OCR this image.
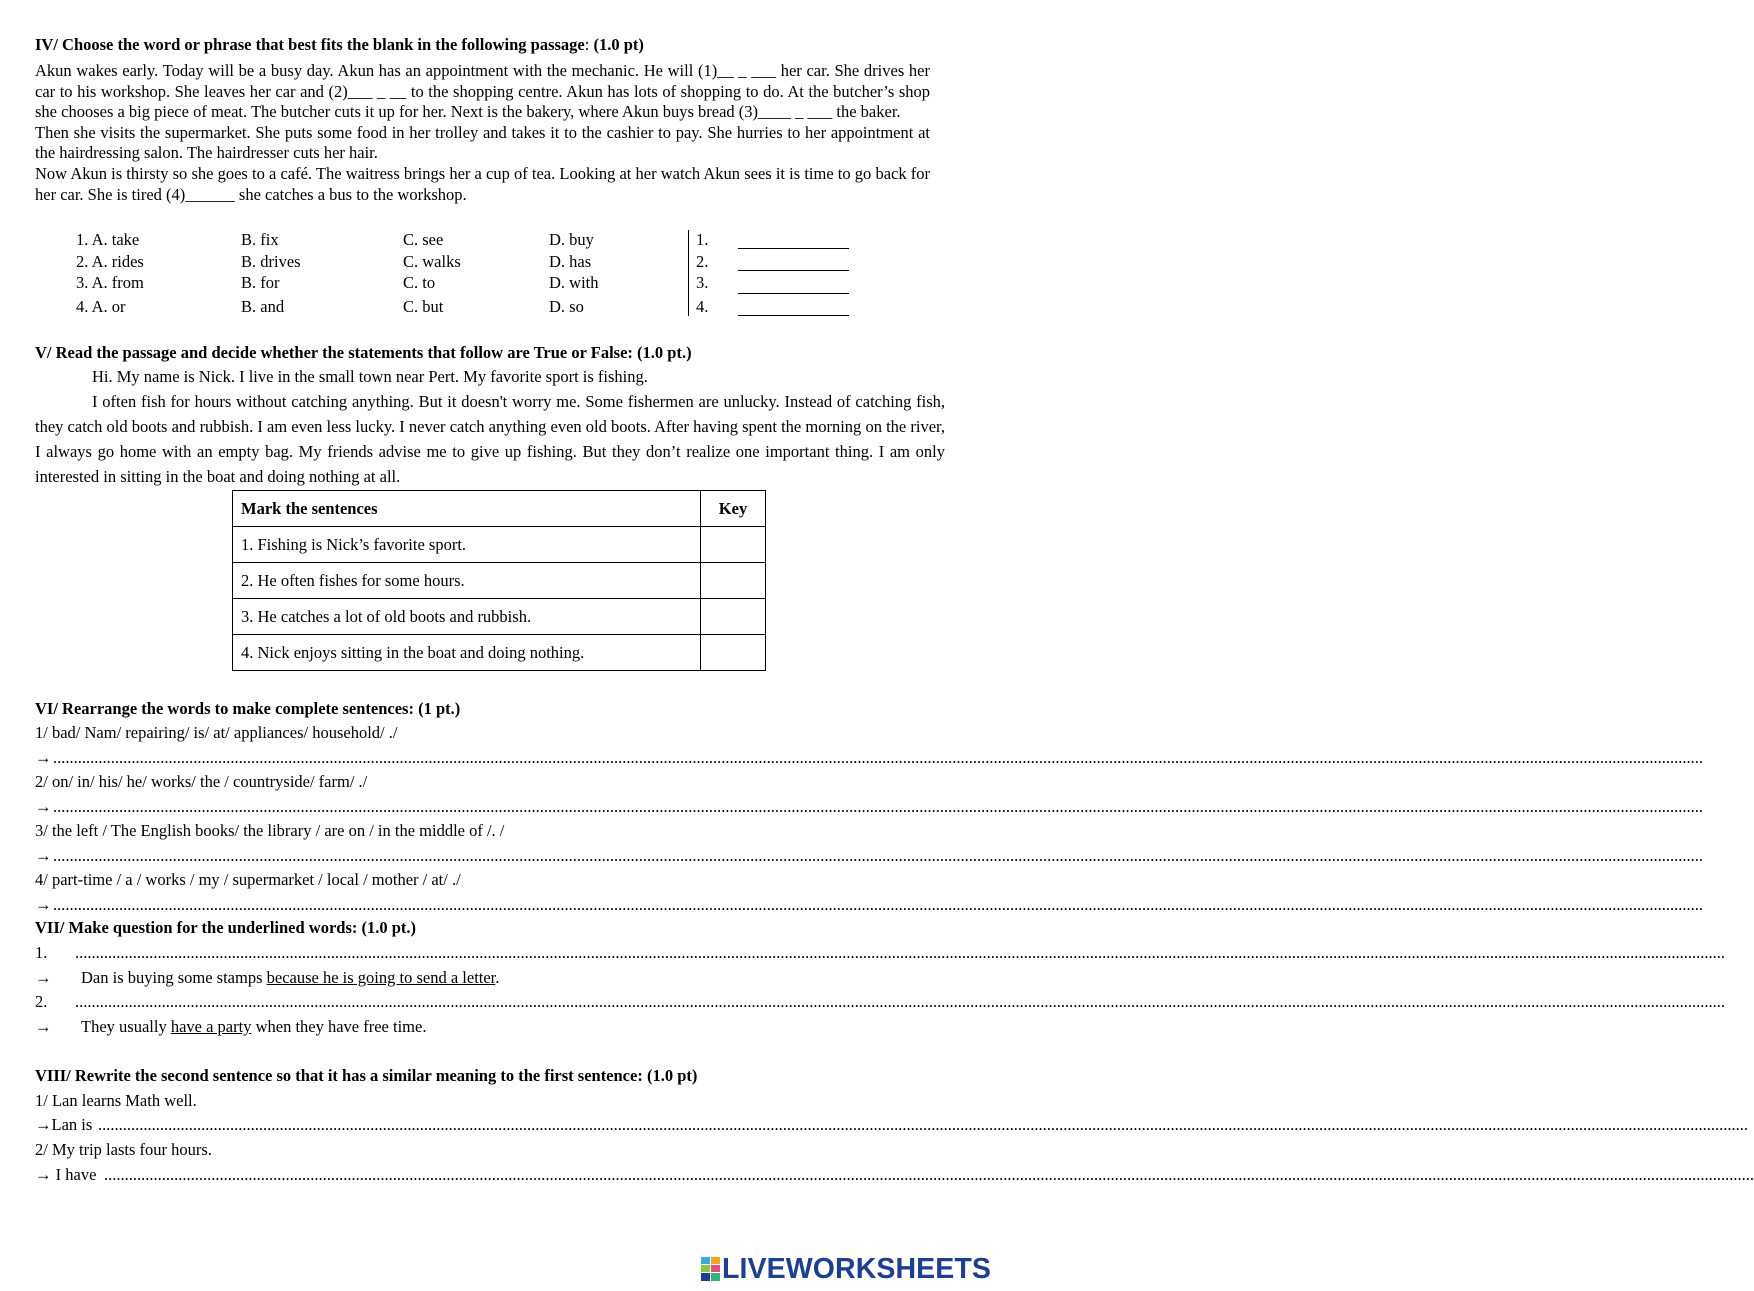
IV/ Choose the word or phrase that best fits the blank in the following passage: (1.0 pt)

Akun wakes early. Today will be a busy day. Akun has an appointment with the mechanic. He will (1)__ _ ___ her car. She drives her car to his workshop. She leaves her car and (2)___ _ __ to the shopping centre. Akun has lots of shopping to do. At the butcher’s shop she chooses a big piece of meat. The butcher cuts it up for her. Next is the bakery, where Akun buys bread (3)____ _ ___ the baker.

Then she visits the supermarket. She puts some food in her trolley and takes it to the cashier to pay. She hurries to her appointment at the hairdressing salon. The hairdresser cuts her hair.

Now Akun is thirsty so she goes to a café. The waitress brings her a cup of tea. Looking at her watch Akun sees it is time to go back for her car. She is tired (4)______ she catches a bus to the workshop.

1. A. take	B. fix	C. see	D. buy
2. A. rides	B. drives	C. walks	D. has
3. A. from	B. for	C. to	D. with
4. A. or	B. and	C. but	D. so
1.
2.
3.
4.
V/ Read the passage and decide whether the statements that follow are True or False: (1.0 pt.)

Hi. My name is Nick. I live in the small town near Pert. My favorite sport is fishing.

I often fish for hours without catching anything. But it doesn't worry me. Some fishermen are unlucky. Instead of catching fish, they catch old boots and rubbish. I am even less lucky. I never catch anything even old boots. After having spent the morning on the river, I always go home with an empty bag. My friends advise me to give up fishing. But they don’t realize one important thing. I am only interested in sitting in the boat and doing nothing at all.

Mark the sentences	Key
1. Fishing is Nick’s favorite sport.	
2. He often fishes for some hours.	
3. He catches a lot of old boots and rubbish.	
4. Nick enjoys sitting in the boat and doing nothing.	
VI/ Rearrange the words to make complete sentences: (1 pt.)
1/ bad/ Nam/ repairing/ is/ at/ appliances/ household/ ./
→ ................................................................................................................................................................................................................................................................................................................................................................................................................
2/ on/ in/ his/ he/ works/ the / countryside/ farm/ ./
→ ................................................................................................................................................................................................................................................................................................................................................................................................................
3/ the left / The English books/ the library / are on / in the middle of /. /
→ ................................................................................................................................................................................................................................................................................................................................................................................................................
4/ part-time / a / works / my / supermarket / local / mother / at/ ./
→ ................................................................................................................................................................................................................................................................................................................................................................................................................
VII/ Make question for the underlined words: (1.0 pt.)
1. ................................................................................................................................................................................................................................................................................................................................................................................................................
→ Dan is buying some stamps because he is going to send a letter.
2. ................................................................................................................................................................................................................................................................................................................................................................................................................
→ They usually have a party when they have free time.
VIII/ Rewrite the second sentence so that it has a similar meaning to the first sentence: (1.0 pt)
1/ Lan learns Math well.
→Lan is ................................................................................................................................................................................................................................................................................................................................................................................................................
2/ My trip lasts four hours.
→ I have ................................................................................................................................................................................................................................................................................................................................................................................................................
LIVEWORKSHEETS
